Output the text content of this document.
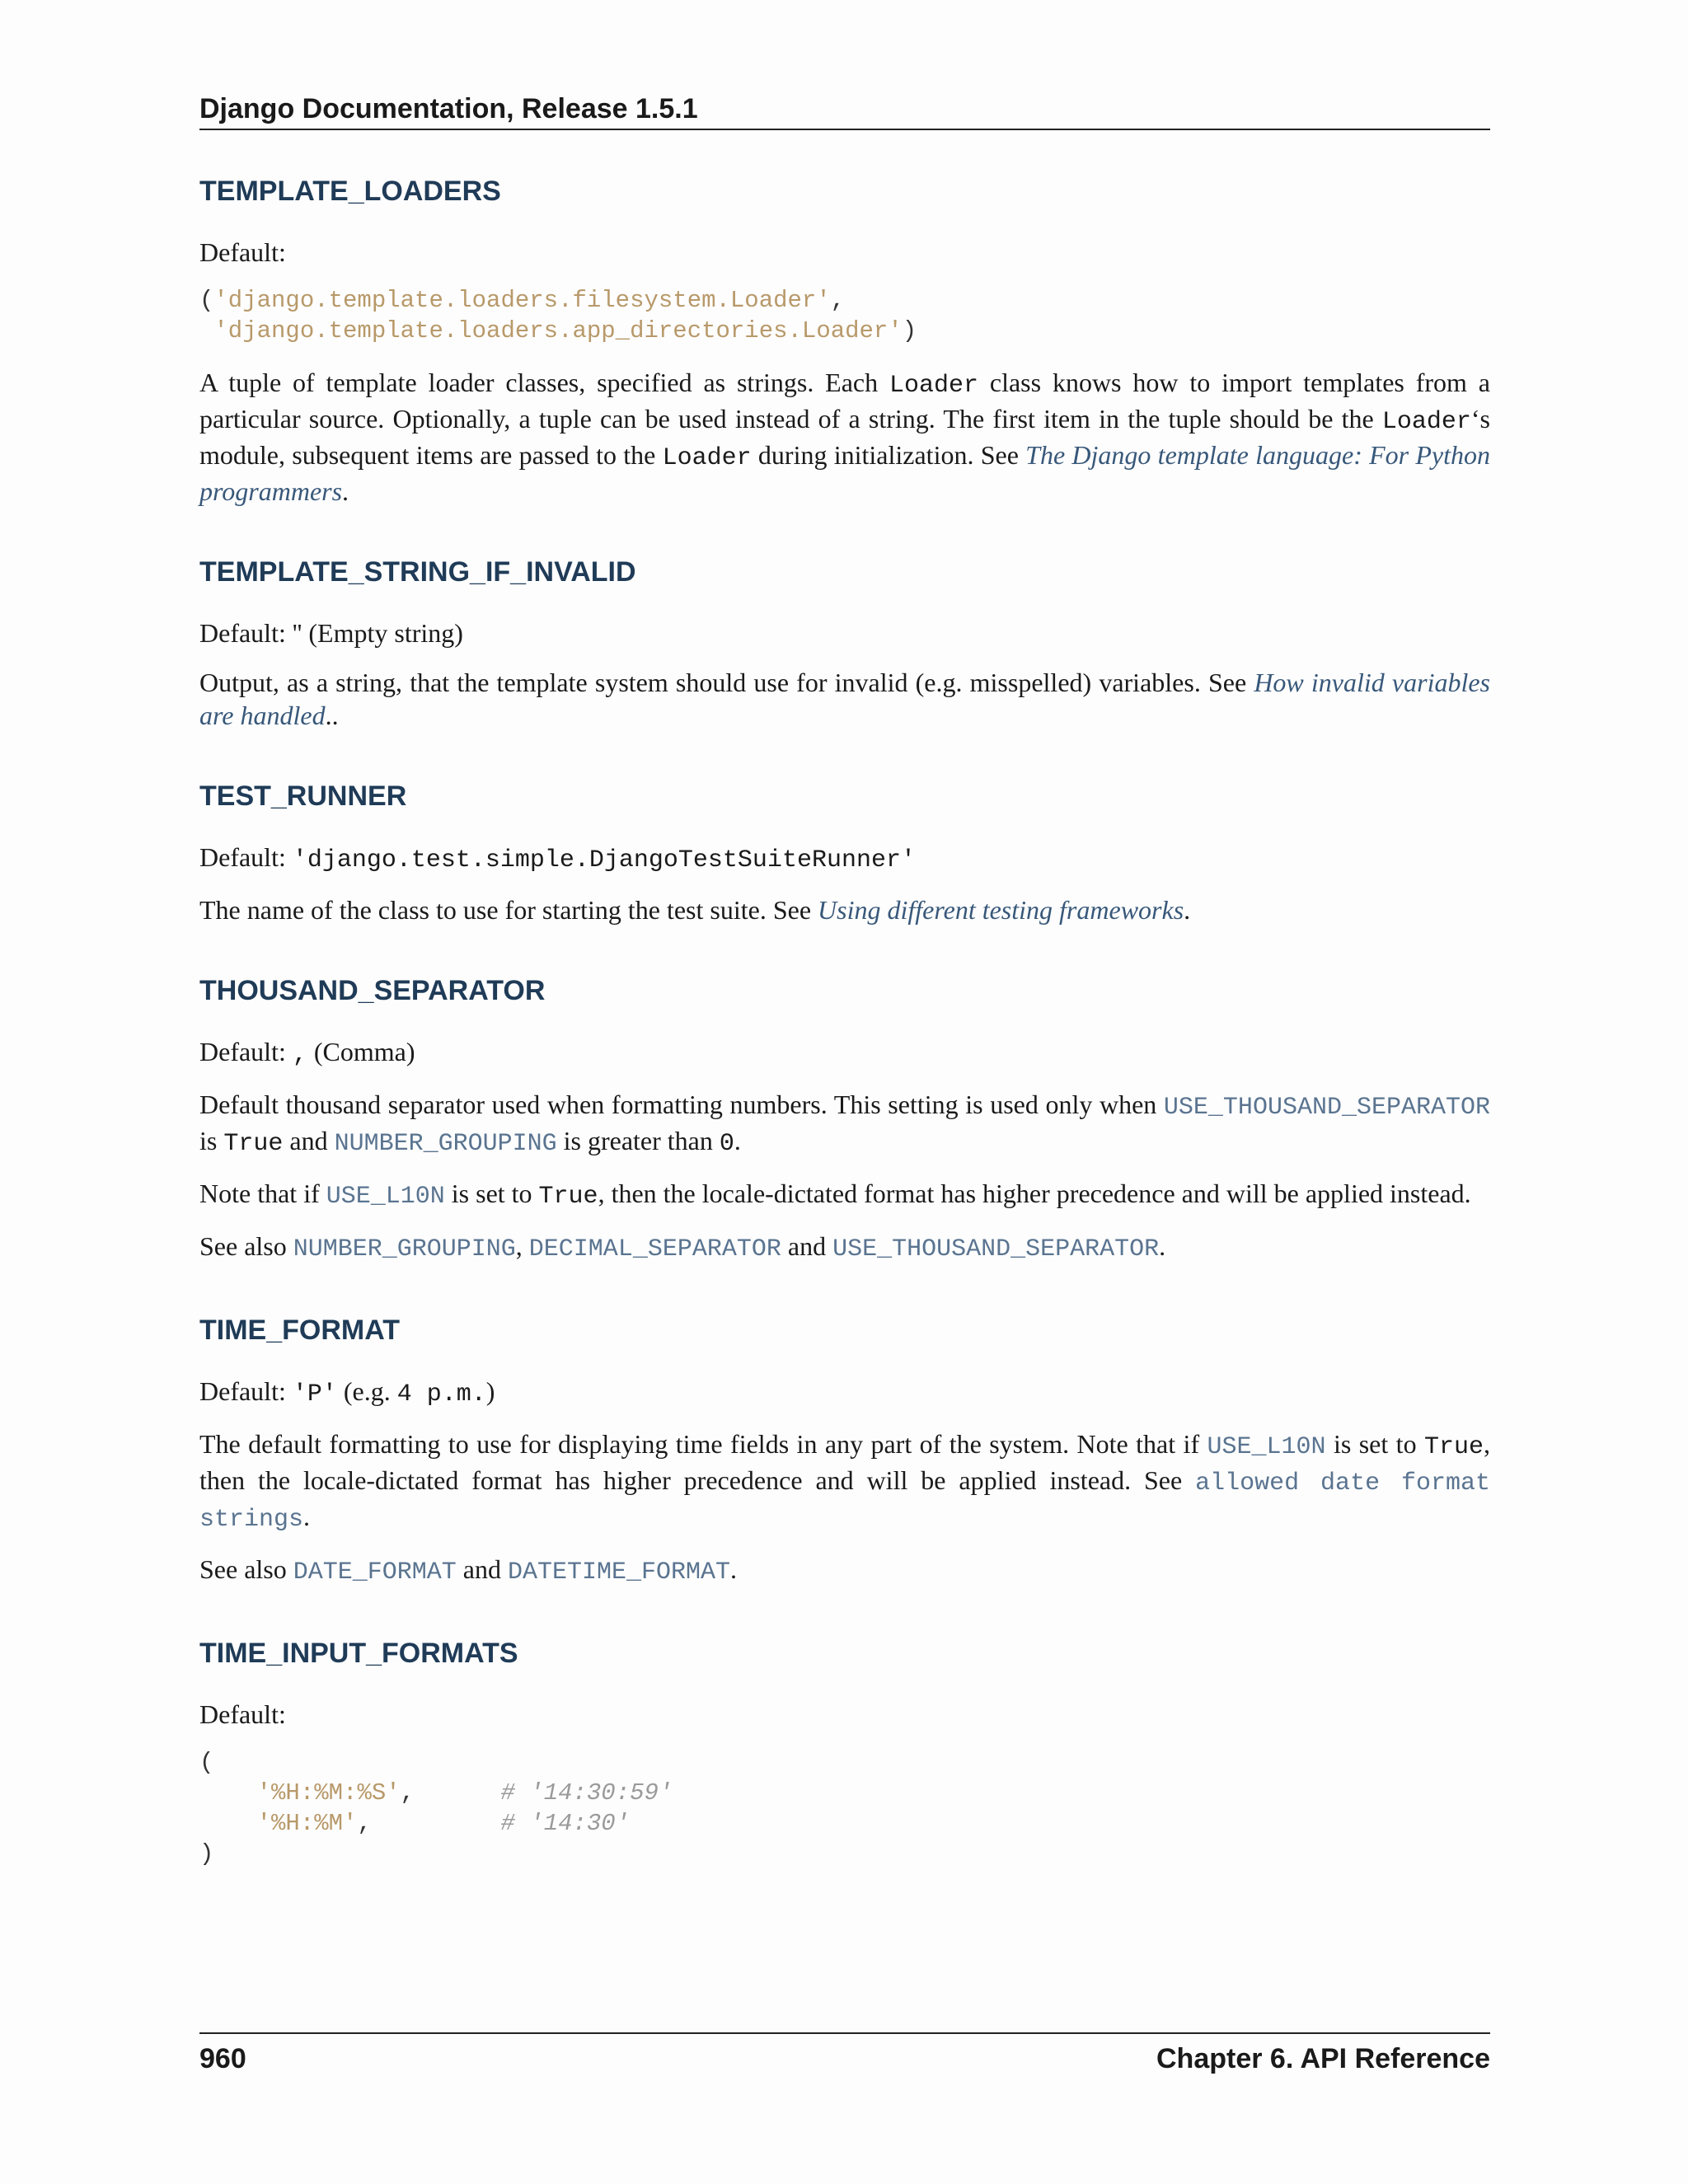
Django Documentation, Release 1.5.1
TEMPLATE_LOADERS

Default:

('django.template.loaders.filesystem.Loader',
'django.template.loaders.app_directories.Loader')

A tuple of template loader classes, specified as strings. Each Loader class knows how to import templates from a particular source. Optionally, a tuple can be used instead of a string. The first item in the tuple should be the Loader‘s module, subsequent items are passed to the Loader during initialization. See The Django template language: For Python programmers.

TEMPLATE_STRING_IF_INVALID

Default: '' (Empty string)

Output, as a string, that the template system should use for invalid (e.g. misspelled) variables. See How invalid variables are handled..

TEST_RUNNER

Default: 'django.test.simple.DjangoTestSuiteRunner'

The name of the class to use for starting the test suite. See Using different testing frameworks.

THOUSAND_SEPARATOR

Default: , (Comma)

Default thousand separator used when formatting numbers. This setting is used only when USE_THOUSAND_SEPARATOR is True and NUMBER_GROUPING is greater than 0.

Note that if USE_L10N is set to True, then the locale-dictated format has higher precedence and will be applied instead.

See also NUMBER_GROUPING, DECIMAL_SEPARATOR and USE_THOUSAND_SEPARATOR.

TIME_FORMAT

Default: 'P' (e.g. 4 p.m.)

The default formatting to use for displaying time fields in any part of the system. Note that if USE_L10N is set to True, then the locale-dictated format has higher precedence and will be applied instead. See allowed date format strings.

See also DATE_FORMAT and DATETIME_FORMAT.

TIME_INPUT_FORMATS

Default:

(
'%H:%M:%S',      # '14:30:59'
'%H:%M',         # '14:30'
)
960	Chapter 6. API Reference
